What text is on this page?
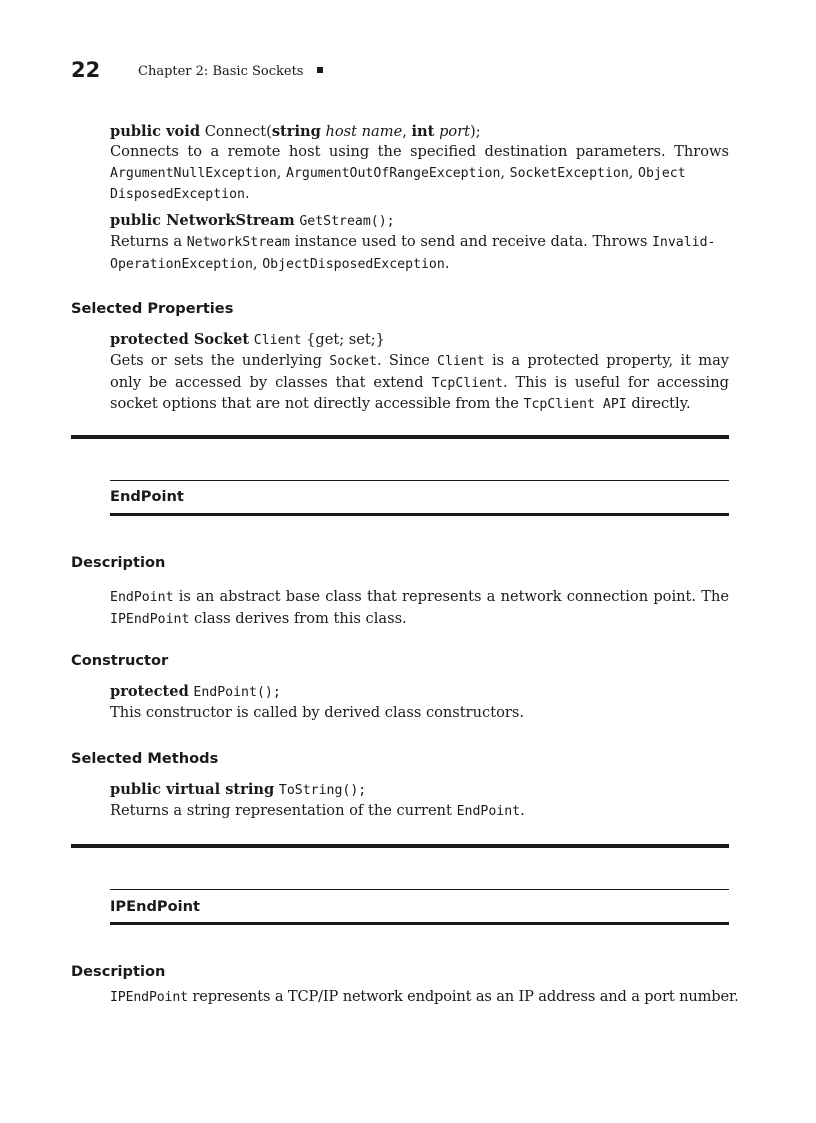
22	Chapter 2: Basic Sockets
public void Connect(string host name, int port);
Connects to a remote host using the specified destination parameters. Throws ArgumentNullException, ArgumentOutOfRangeException, SocketException, Object
DisposedException.
public NetworkStream GetStream();
Returns a NetworkStream instance used to send and receive data. Throws Invalid-
OperationException, ObjectDisposedException.
Selected Properties
protected Socket Client {get; set;}
Gets or sets the underlying Socket. Since Client is a protected property, it may only be accessed by classes that extend TcpClient. This is useful for accessing socket options that are not directly accessible from the TcpClient API directly.
EndPoint
Description
EndPoint is an abstract base class that represents a network connection point. The IPEndPoint class derives from this class.
Constructor
protected EndPoint();
This constructor is called by derived class constructors.
Selected Methods
public virtual string ToString();
Returns a string representation of the current EndPoint.
IPEndPoint
Description
IPEndPoint represents a TCP/IP network endpoint as an IP address and a port number.
